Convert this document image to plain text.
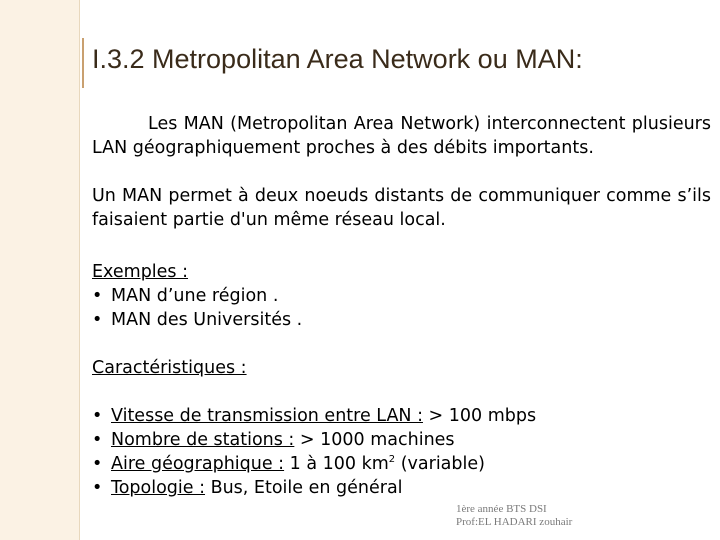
I.3.2 Metropolitan Area Network ou MAN:
Les MAN (Metropolitan Area Network) interconnectent plusieurs LAN géographiquement proches à des débits importants.
Un MAN permet à deux noeuds distants de communiquer comme s’ils faisaient partie d'un même réseau local.
Exemples :
• MAN d’une région .
• MAN des Universités .
Caractéristiques :
• Vitesse de transmission entre LAN : > 100 mbps
• Nombre de stations : > 1000 machines
• Aire géographique : 1 à 100 $km^2$ (variable)
• Topologie : Bus, Etoile en général
1ère année BTS DSI
Prof:EL HADARI zouhair
